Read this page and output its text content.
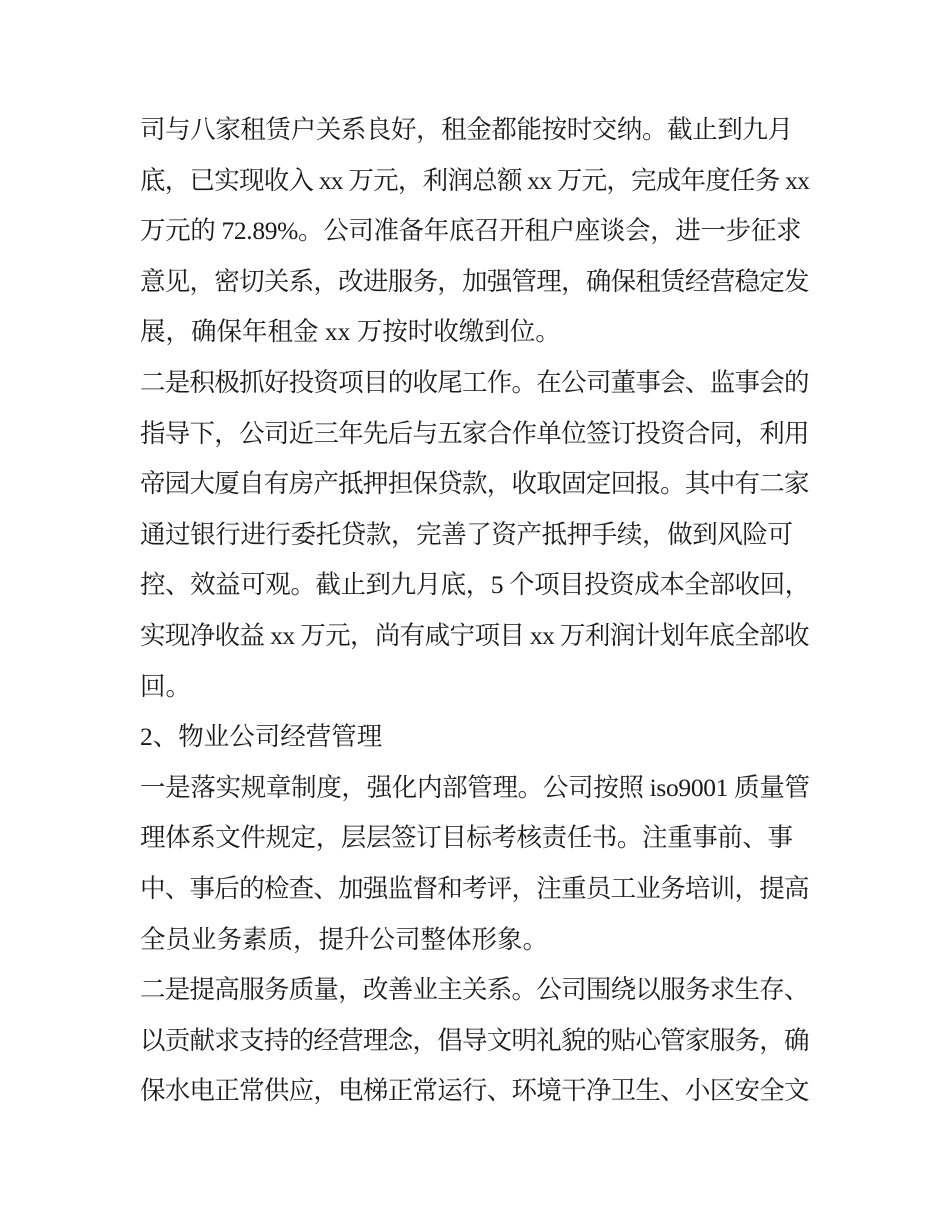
司与八家租赁户关系良好，租金都能按时交纳。截止到九月
底，已实现收入 xx 万元，利润总额 xx 万元，完成年度任务 xx
万元的 72.89%。公司准备年底召开租户座谈会，进一步征求
意见，密切关系，改进服务，加强管理，确保租赁经营稳定发
展，确保年租金 xx 万按时收缴到位。
二是积极抓好投资项目的收尾工作。在公司董事会、监事会的
指导下，公司近三年先后与五家合作单位签订投资合同，利用
帝园大厦自有房产抵押担保贷款，收取固定回报。其中有二家
通过银行进行委托贷款，完善了资产抵押手续，做到风险可
控、效益可观。截止到九月底，5 个项目投资成本全部收回，
实现净收益 xx 万元，尚有咸宁项目 xx 万利润计划年底全部收
回。
2、物业公司经营管理
一是落实规章制度，强化内部管理。公司按照 iso9001 质量管
理体系文件规定，层层签订目标考核责任书。注重事前、事
中、事后的检查、加强监督和考评，注重员工业务培训，提高
全员业务素质，提升公司整体形象。
二是提高服务质量，改善业主关系。公司围绕以服务求生存、
以贡献求支持的经营理念，倡导文明礼貌的贴心管家服务，确
保水电正常供应，电梯正常运行、环境干净卫生、小区安全文
